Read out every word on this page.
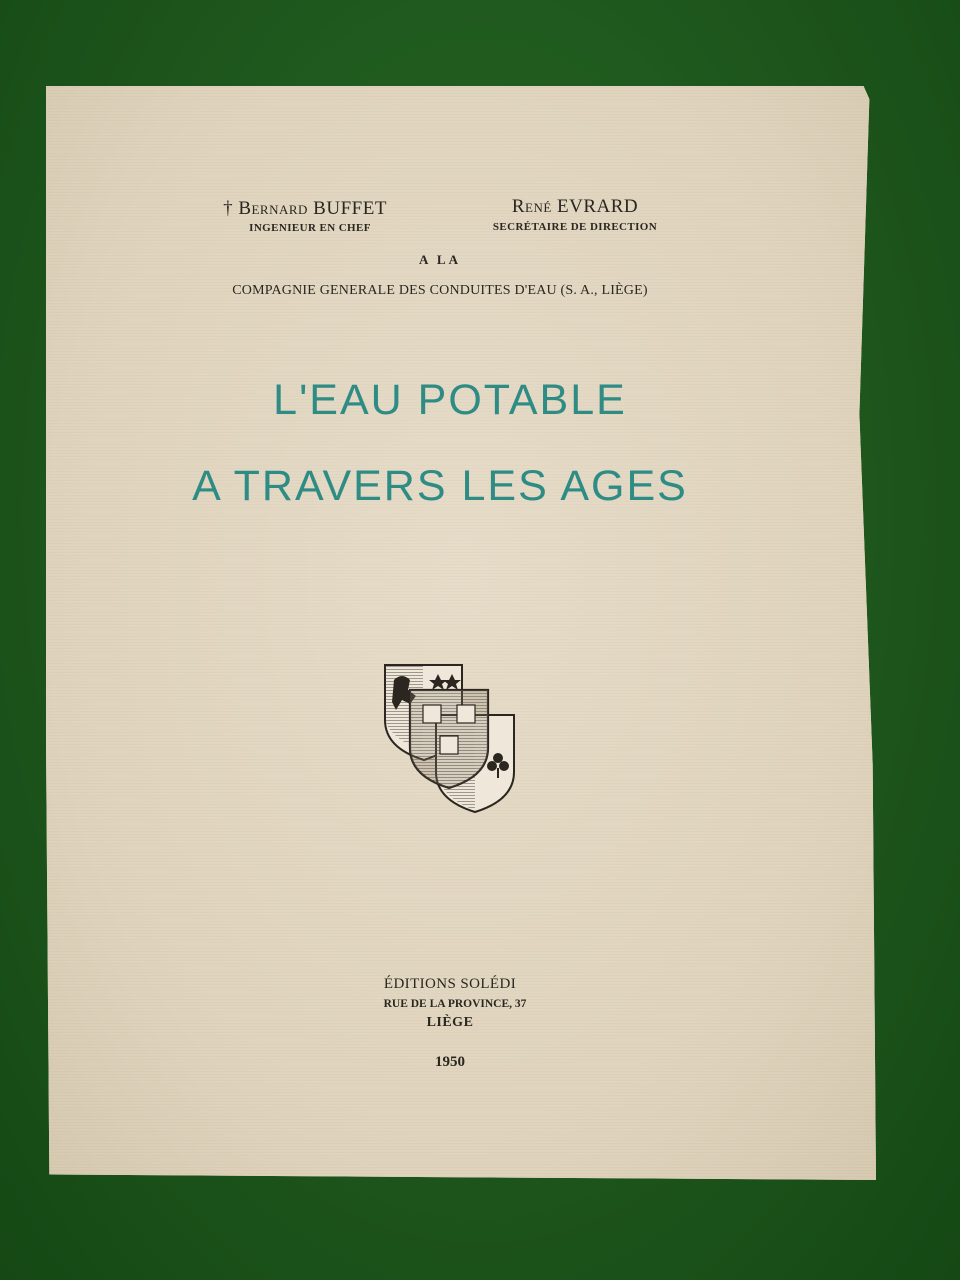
† Bernard BUFFET
INGENIEUR EN CHEF
René EVRARD
SECRÉTAIRE DE DIRECTION
A LA
COMPAGNIE GENERALE DES CONDUITES D'EAU (S. A., LIÈGE)
L'EAU POTABLE
A TRAVERS LES AGES
ÉDITIONS SOLÉDI
RUE DE LA PROVINCE, 37
LIÈGE
1950
